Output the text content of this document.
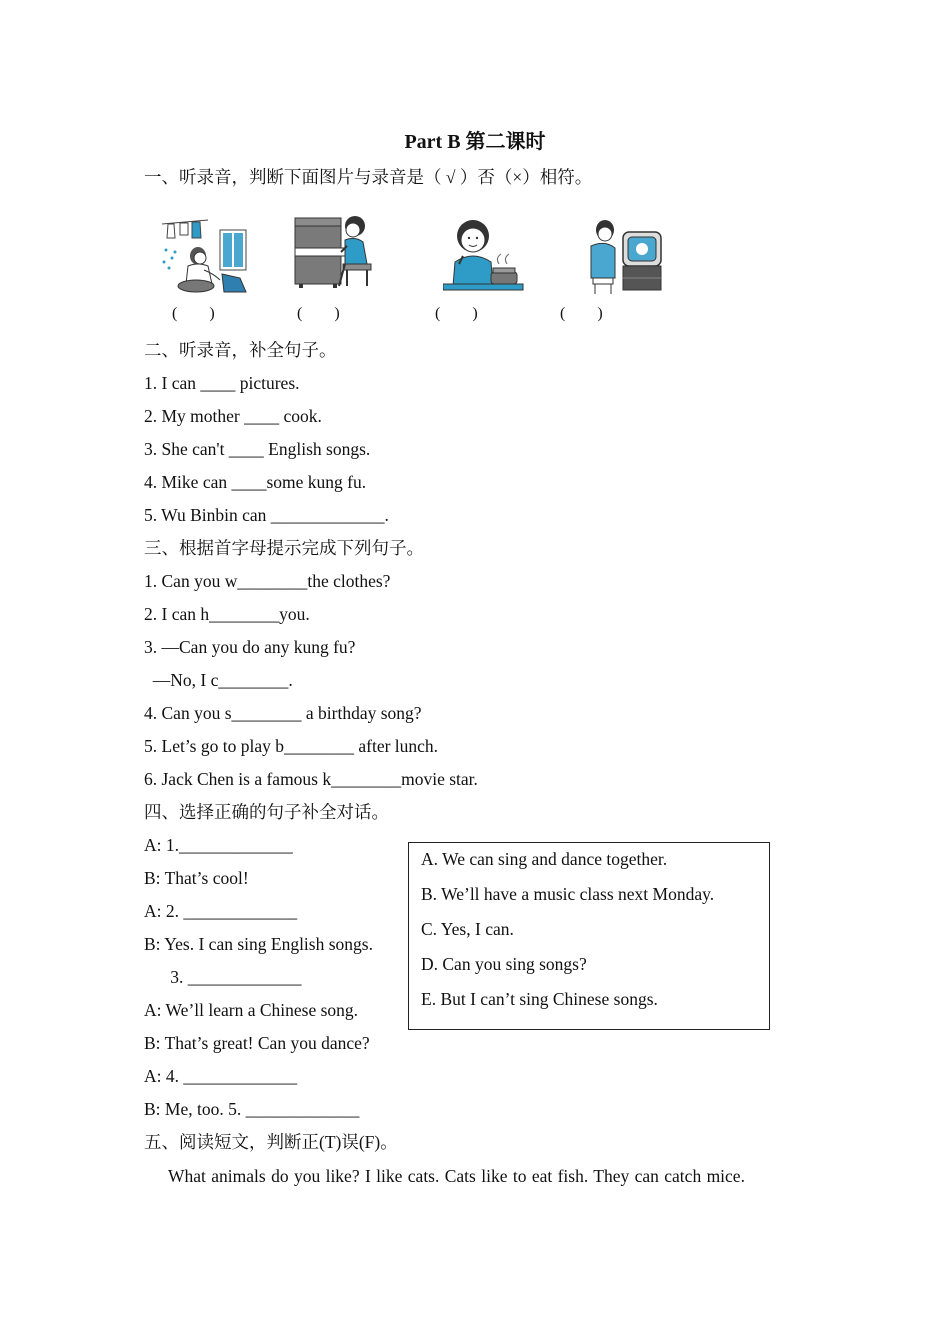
Part B 第二课时
一、听录音，判断下面图片与录音是（ √ ）否（×）相符。
(        )	(        )	(        )	(        )
二、听录音，补全句子。
1. I can ____ pictures.
2. My mother ____ cook.
3. She can't ____ English songs.
4. Mike can ____some kung fu.
5. Wu Binbin can _____________.
三、根据首字母提示完成下列句子。
1. Can you w________the clothes?
2. I can h________you.
3. —Can you do any kung fu?
—No, I c________.
4. Can you s________ a birthday song?
5. Let’s go to play b________ after lunch.
6. Jack Chen is a famous k________movie star.
四、选择正确的句子补全对话。
A: 1._____________
B: That’s cool!
A: 2. _____________
B: Yes. I can sing English songs.
3. _____________
A: We’ll learn a Chinese song.
B: That’s great! Can you dance?
A: 4. _____________
B: Me, too. 5. _____________
A. We can sing and dance together.
B. We’ll have a music class next Monday.
C. Yes, I can.
D. Can you sing songs?
E. But I can’t sing Chinese songs.
五、阅读短文，判断正(T)误(F)。
What animals do you like? I like cats. Cats like to eat fish. They can catch mice.
